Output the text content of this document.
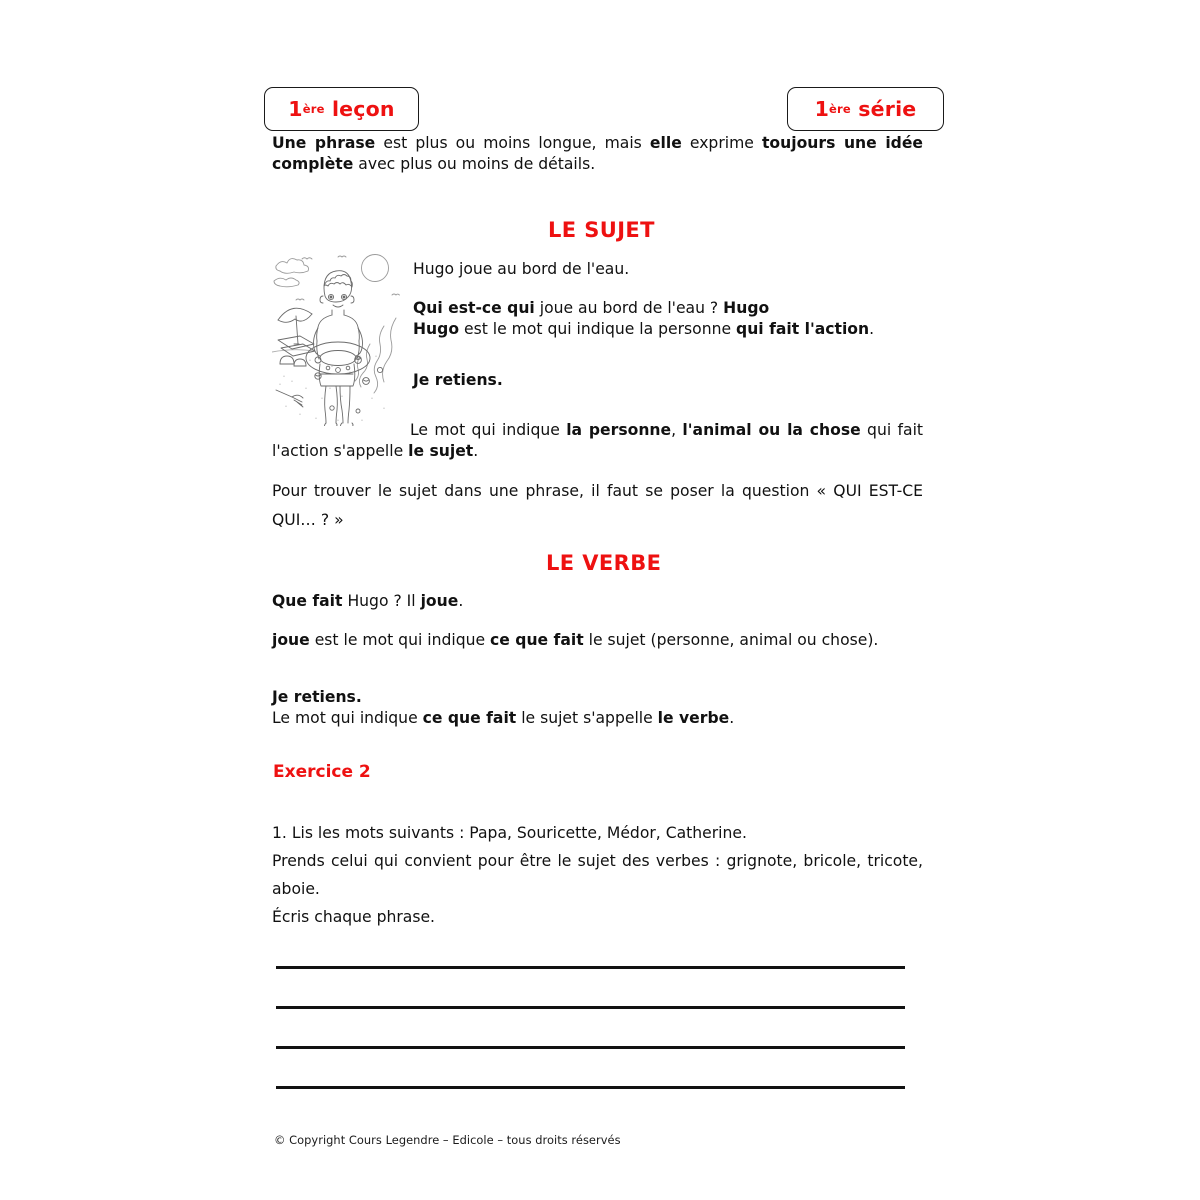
1 ère
leçon	1 ère
série

Une phrase est plus ou moins longue, mais elle exprime toujours une idée complète avec plus ou moins de détails.

LE SUJET

Hugo joue au bord de l'eau.

Qui est-ce qui joue au bord de l'eau ? Hugo

Hugo est le mot qui indique la personne qui fait l'action.

Je retiens.

Le mot qui indique la personne, l'animal ou la chose qui fait l'action s'appelle le sujet.

Pour trouver le sujet dans une phrase, il faut se poser la question « QUI EST-CE QUI… ? »

LE VERBE

Que fait Hugo ? Il joue.

joue est le mot qui indique ce que fait le sujet (personne, animal ou chose).

Je retiens.

Le mot qui indique ce que fait le sujet s'appelle le verbe.

Exercice 2

1. Lis les mots suivants : Papa, Souricette, Médor, Catherine.

Prends celui qui convient pour être le sujet des verbes : grignote, bricole, tricote, aboie.

Écris chaque phrase.

© Copyright Cours Legendre – Edicole – tous droits réservés
